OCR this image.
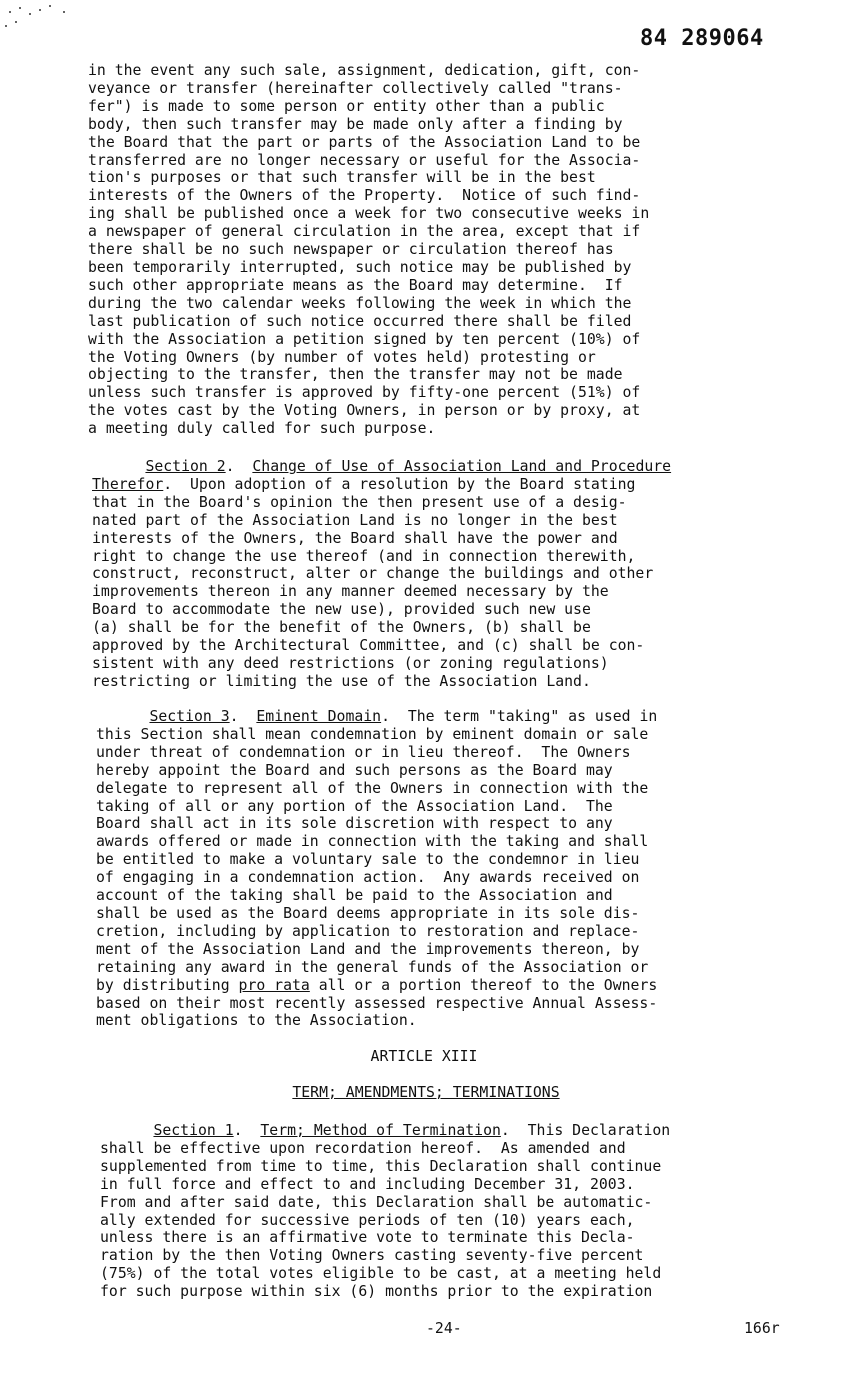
84 289064

in the event any such sale, assignment, dedication, gift, con-
veyance or transfer (hereinafter collectively called "trans-
fer") is made to some person or entity other than a public
body, then such transfer may be made only after a finding by
the Board that the part or parts of the Association Land to be
transferred are no longer necessary or useful for the Associa-
tion's purposes or that such transfer will be in the best
interests of the Owners of the Property.  Notice of such find-
ing shall be published once a week for two consecutive weeks in
a newspaper of general circulation in the area, except that if
there shall be no such newspaper or circulation thereof has
been temporarily interrupted, such notice may be published by
such other appropriate means as the Board may determine.  If
during the two calendar weeks following the week in which the
last publication of such notice occurred there shall be filed
with the Association a petition signed by ten percent (10%) of
the Voting Owners (by number of votes held) protesting or
objecting to the transfer, then the transfer may not be made
unless such transfer is approved by fifty-one percent (51%) of
the votes cast by the Voting Owners, in person or by proxy, at
a meeting duly called for such purpose.

Section 2.  Change of Use of Association Land and Procedure
Therefor.  Upon adoption of a resolution by the Board stating
that in the Board's opinion the then present use of a desig-
nated part of the Association Land is no longer in the best
interests of the Owners, the Board shall have the power and
right to change the use thereof (and in connection therewith,
construct, reconstruct, alter or change the buildings and other
improvements thereon in any manner deemed necessary by the
Board to accommodate the new use), provided such new use
(a) shall be for the benefit of the Owners, (b) shall be
approved by the Architectural Committee, and (c) shall be con-
sistent with any deed restrictions (or zoning regulations)
restricting or limiting the use of the Association Land.

Section 3.  Eminent Domain.  The term "taking" as used in
this Section shall mean condemnation by eminent domain or sale
under threat of condemnation or in lieu thereof.  The Owners
hereby appoint the Board and such persons as the Board may
delegate to represent all of the Owners in connection with the
taking of all or any portion of the Association Land.  The
Board shall act in its sole discretion with respect to any
awards offered or made in connection with the taking and shall
be entitled to make a voluntary sale to the condemnor in lieu
of engaging in a condemnation action.  Any awards received on
account of the taking shall be paid to the Association and
shall be used as the Board deems appropriate in its sole dis-
cretion, including by application to restoration and replace-
ment of the Association Land and the improvements thereon, by
retaining any award in the general funds of the Association or
by distributing pro rata all or a portion thereof to the Owners
based on their most recently assessed respective Annual Assess-
ment obligations to the Association.

ARTICLE XIII
TERM; AMENDMENTS; TERMINATIONS

Section 1.  Term; Method of Termination.  This Declaration
shall be effective upon recordation hereof.  As amended and
supplemented from time to time, this Declaration shall continue
in full force and effect to and including December 31, 2003.
From and after said date, this Declaration shall be automatic-
ally extended for successive periods of ten (10) years each,
unless there is an affirmative vote to terminate this Decla-
ration by the then Voting Owners casting seventy-five percent
(75%) of the total votes eligible to be cast, at a meeting held
for such purpose within six (6) months prior to the expiration

-24-	166r
